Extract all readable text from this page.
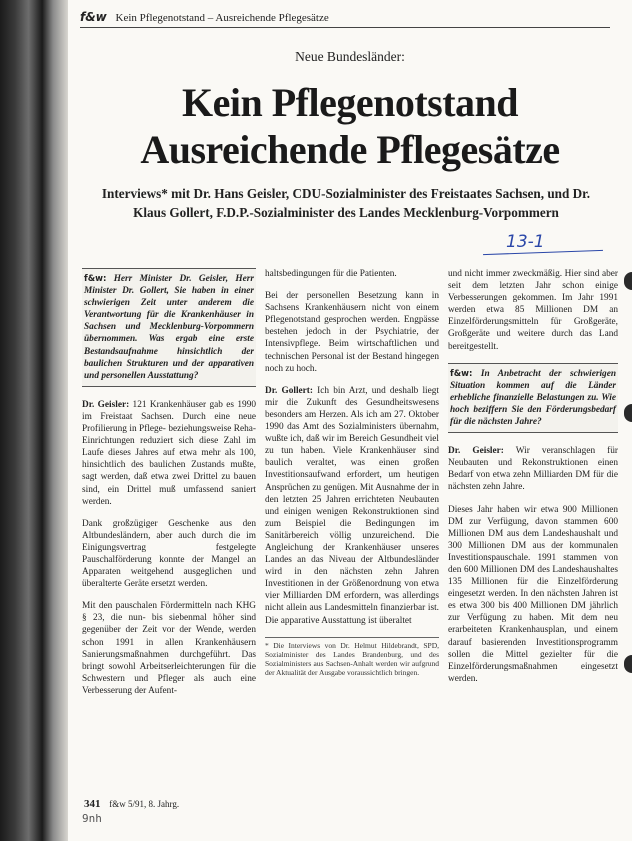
f&w Kein Pflegenotstand – Ausreichende Pflegesätze
Neue Bundesländer:
Kein Pflegenotstand
Ausreichende Pflegesätze
Interviews* mit Dr. Hans Geisler, CDU-Sozialminister des Freistaates Sachsen, und Dr. Klaus Gollert, F.D.P.-Sozialminister des Landes Mecklenburg-Vorpommern
13-1
f&w: Herr Minister Dr. Geisler, Herr Minister Dr. Gollert, Sie haben in einer schwierigen Zeit unter anderem die Verantwortung für die Krankenhäuser in Sachsen und Mecklenburg-Vorpommern übernommen. Was ergab eine erste Bestandsaufnahme hinsichtlich der baulichen Strukturen und der apparativen und personellen Ausstattung?

Dr. Geisler: 121 Krankenhäuser gab es 1990 im Freistaat Sachsen. Durch eine neue Profilierung in Pflege- beziehungsweise Reha-Einrichtungen reduziert sich diese Zahl im Laufe dieses Jahres auf etwa mehr als 100, hinsichtlich des baulichen Zustands mußte, sagt werden, daß etwa zwei Drittel zu bauen sind, ein Drittel muß umfassend saniert werden.

Dank großzügiger Geschenke aus den Altbundesländern, aber auch durch die im Einigungsvertrag festgelegte Pauschalförderung konnte der Mangel an Apparaten weitgehend ausgeglichen und überalterte Geräte ersetzt werden.

Mit den pauschalen Fördermitteln nach KHG § 23, die nun- bis siebenmal höher sind gegenüber der Zeit vor der Wende, werden schon 1991 in allen Krankenhäusern Sanierungsmaßnahmen durchgeführt. Das bringt sowohl Arbeitserleichterungen für die Schwestern und Pfleger als auch eine Verbesserung der Aufent-

haltsbedingungen für die Patienten.

Bei der personellen Besetzung kann in Sachsens Krankenhäusern nicht von einem Pflegenotstand gesprochen werden. Engpässe bestehen jedoch in der Psychiatrie, der Intensivpflege. Beim wirtschaftlichen und technischen Personal ist der Bestand hingegen noch zu hoch.

Dr. Gollert: Ich bin Arzt, und deshalb liegt mir die Zukunft des Gesundheitswesens besonders am Herzen. Als ich am 27. Oktober 1990 das Amt des Sozialministers übernahm, wußte ich, daß wir im Bereich Gesundheit viel zu tun haben. Viele Krankenhäuser sind baulich veraltet, was einen großen Investitionsaufwand erfordert, um heutigen Ansprüchen zu genügen. Mit Ausnahme der in den letzten 25 Jahren errichteten Neubauten und einigen wenigen Rekonstruktionen sind zum Beispiel die Bedingungen im Sanitärbereich völlig unzureichend. Die Angleichung der Krankenhäuser unseres Landes an das Niveau der Altbundesländer wird in den nächsten zehn Jahren Investitionen in der Größenordnung von etwa vier Milliarden DM erfordern, was allerdings nicht allein aus Landesmitteln finanzierbar ist. Die apparative Ausstattung ist überaltet

* Die Interviews von Dr. Helmut Hildebrandt, SPD, Sozialminister des Landes Brandenburg, und des Sozialministers aus Sachsen-Anhalt werden wir aufgrund der Aktualität der Ausgabe voraussichtlich bringen.

und nicht immer zweckmäßig. Hier sind aber seit dem letzten Jahr schon einige Verbesserungen gekommen. Im Jahr 1991 werden etwa 85 Millionen DM an Einzelförderungsmitteln für Großgeräte, Großgeräte und weitere durch das Land bereitgestellt.

f&w: In Anbetracht der schwierigen Situation kommen auf die Länder erhebliche finanzielle Belastungen zu. Wie hoch beziffern Sie den Förderungsbedarf für die nächsten Jahre?

Dr. Geisler: Wir veranschlagen für Neubauten und Rekonstruktionen einen Bedarf von etwa zehn Milliarden DM für die nächsten zehn Jahre.

Dieses Jahr haben wir etwa 900 Millionen DM zur Verfügung, davon stammen 600 Millionen DM aus dem Landeshaushalt und 300 Millionen DM aus der kommunalen Investitionspauschale. 1991 stammen von den 600 Millionen DM des Landeshaushaltes 135 Millionen für die Einzelförderung eingesetzt werden. In den nächsten Jahren ist es etwa 300 bis 400 Millionen DM jährlich zur Verfügung zu haben. Mit dem neu erarbeiteten Krankenhausplan, und einem darauf basierenden Investitionsprogramm sollen die Mittel gezielter für die Einzelförderungsmaßnahmen eingesetzt werden.

341 f&w 5/91, 8. Jahrg.
9nh
